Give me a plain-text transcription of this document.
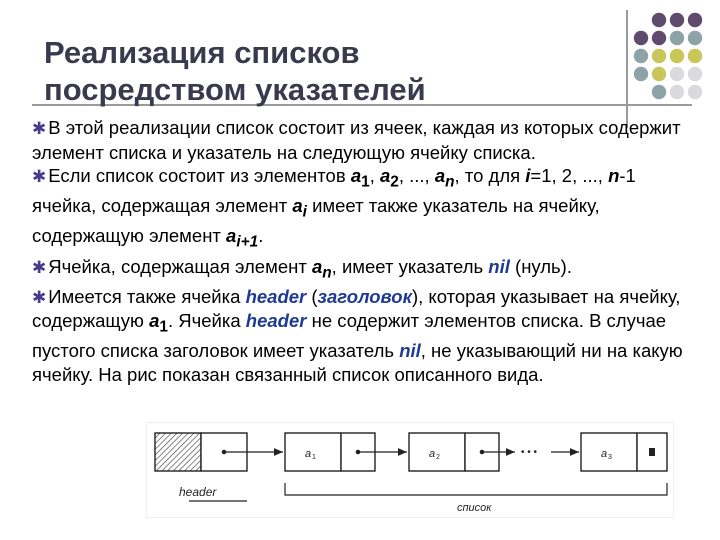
Реализация списков
посредством указателей

✱ В этой реализации список состоит из ячеек, каждая из которых содержит элемент списка и указатель на следующую ячейку списка.

✱ Если список состоит из элементов $a_1$, $a_2$, ..., $a_n$, то для i=1, 2, ..., n-1 ячейка, содержащая элемент $a_i$ имеет также указатель на ячейку, содержащую элемент $a_{i+1}$.

✱ Ячейка, содержащая элемент $a_n$, имеет указатель nil (нуль).

✱ Имеется также ячейка header (заголовок), которая указывает на ячейку, содержащую $a_1$. Ячейка header не содержит элементов списка. В случае пустого списка заголовок имеет указатель nil, не указывающий ни на какую ячейку. На рис показан связанный список описанного вида.

a 1	a 2	• • •	a 3
header
список
